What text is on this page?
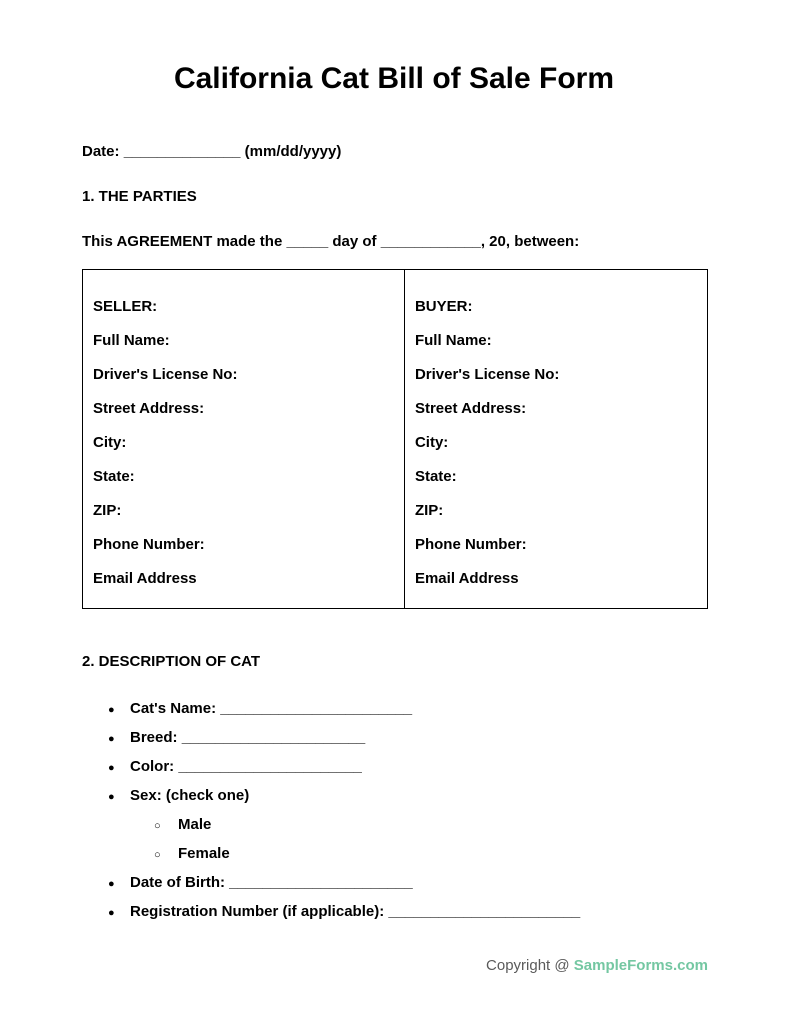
California Cat Bill of Sale Form

Date: ______________ (mm/dd/yyyy)

1. THE PARTIES

This AGREEMENT made the _____ day of ____________, 20, between:

SELLER:
Full Name:
Driver's License No:
Street Address:
City:
State:
ZIP:
Phone Number:
Email Address
BUYER:
Full Name:
Driver's License No:
Street Address:
City:
State:
ZIP:
Phone Number:
Email Address
2. DESCRIPTION OF CAT
●	Cat's Name: _______________________
●	Breed: ______________________
●	Color: ______________________
●	Sex: (check one)
○	Male
○	Female
●	Date of Birth: ______________________
●	Registration Number (if applicable): _______________________
Copyright @ SampleForms.com
